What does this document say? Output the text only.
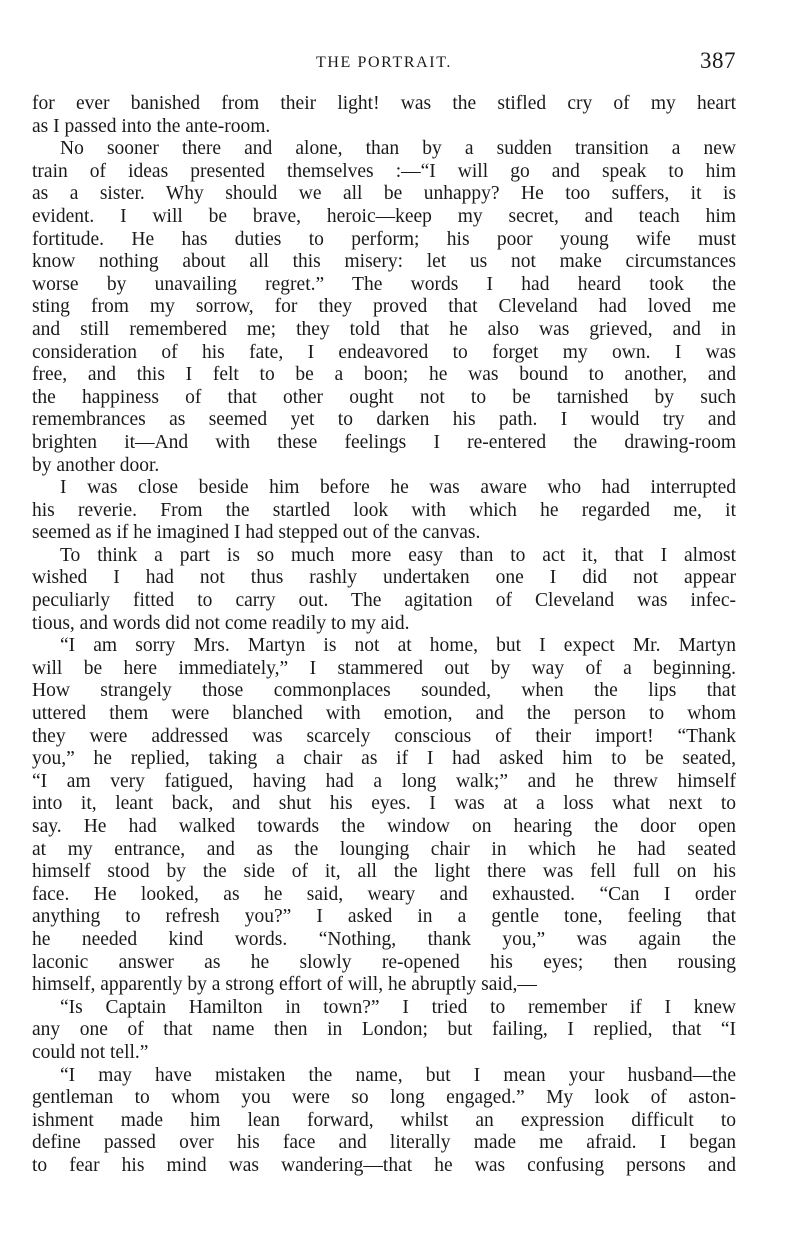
THE PORTRAIT.	387
for ever banished from their light! was the stifled cry of my heart
as I passed into the ante-room.
No sooner there and alone, than by a sudden transition a new
train of ideas presented themselves :—“I will go and speak to him
as a sister. Why should we all be unhappy? He too suffers, it is
evident. I will be brave, heroic—keep my secret, and teach him
fortitude. He has duties to perform; his poor young wife must
know nothing about all this misery: let us not make circumstances
worse by unavailing regret.” The words I had heard took the
sting from my sorrow, for they proved that Cleveland had loved me
and still remembered me; they told that he also was grieved, and in
consideration of his fate, I endeavored to forget my own. I was
free, and this I felt to be a boon; he was bound to another, and
the happiness of that other ought not to be tarnished by such
remembrances as seemed yet to darken his path. I would try and
brighten it—And with these feelings I re-entered the drawing-room
by another door.
I was close beside him before he was aware who had interrupted
his reverie. From the startled look with which he regarded me, it
seemed as if he imagined I had stepped out of the canvas.
To think a part is so much more easy than to act it, that I almost
wished I had not thus rashly undertaken one I did not appear
peculiarly fitted to carry out. The agitation of Cleveland was infec-
tious, and words did not come readily to my aid.
“I am sorry Mrs. Martyn is not at home, but I expect Mr. Martyn
will be here immediately,” I stammered out by way of a beginning.
How strangely those commonplaces sounded, when the lips that
uttered them were blanched with emotion, and the person to whom
they were addressed was scarcely conscious of their import! “Thank
you,” he replied, taking a chair as if I had asked him to be seated,
“I am very fatigued, having had a long walk;” and he threw himself
into it, leant back, and shut his eyes. I was at a loss what next to
say. He had walked towards the window on hearing the door open
at my entrance, and as the lounging chair in which he had seated
himself stood by the side of it, all the light there was fell full on his
face. He looked, as he said, weary and exhausted. “Can I order
anything to refresh you?” I asked in a gentle tone, feeling that
he needed kind words. “Nothing, thank you,” was again the
laconic answer as he slowly re-opened his eyes; then rousing
himself, apparently by a strong effort of will, he abruptly said,—
“Is Captain Hamilton in town?” I tried to remember if I knew
any one of that name then in London; but failing, I replied, that “I
could not tell.”
“I may have mistaken the name, but I mean your husband—the
gentleman to whom you were so long engaged.” My look of aston-
ishment made him lean forward, whilst an expression difficult to
define passed over his face and literally made me afraid. I began
to fear his mind was wandering—that he was confusing persons and
